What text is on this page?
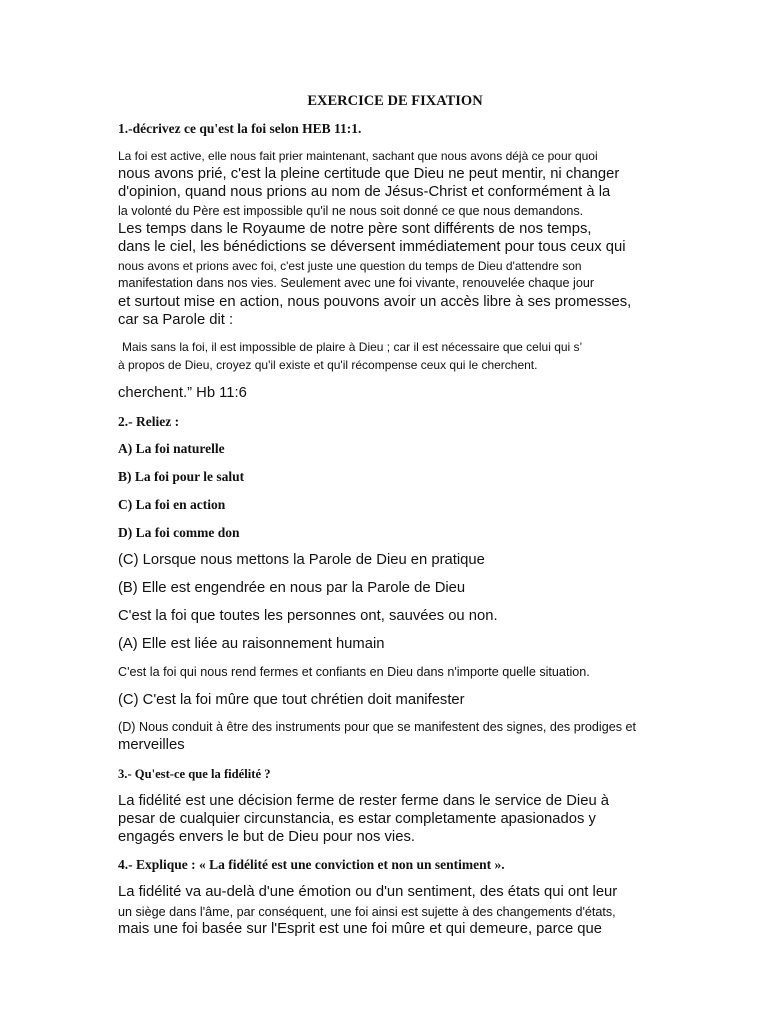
EXERCICE DE FIXATION

1.-décrivez ce qu'est la foi selon HEB 11:1.

La foi est active, elle nous fait prier maintenant, sachant que nous avons déjà ce pour quoi

nous avons prié, c'est la pleine certitude que Dieu ne peut mentir, ni changer

d'opinion, quand nous prions au nom de Jésus-Christ et conformément à la

la volonté du Père est impossible qu'il ne nous soit donné ce que nous demandons.

Les temps dans le Royaume de notre père sont différents de nos temps,

dans le ciel, les bénédictions se déversent immédiatement pour tous ceux qui

nous avons et prions avec foi, c'est juste une question du temps de Dieu d'attendre son

manifestation dans nos vies. Seulement avec une foi vivante, renouvelée chaque jour

et surtout mise en action, nous pouvons avoir un accès libre à ses promesses,

car sa Parole dit :

Mais sans la foi, il est impossible de plaire à Dieu ; car il est nécessaire que celui qui s’

à propos de Dieu, croyez qu'il existe et qu'il récompense ceux qui le cherchent.

cherchent.” Hb 11:6

2.- Reliez :

A) La foi naturelle

B) La foi pour le salut

C) La foi en action

D) La foi comme don

(C) Lorsque nous mettons la Parole de Dieu en pratique

(B) Elle est engendrée en nous par la Parole de Dieu

C'est la foi que toutes les personnes ont, sauvées ou non.

(A) Elle est liée au raisonnement humain

C'est la foi qui nous rend fermes et confiants en Dieu dans n'importe quelle situation.

(C) C'est la foi mûre que tout chrétien doit manifester

(D) Nous conduit à être des instruments pour que se manifestent des signes, des prodiges et

merveilles

3.- Qu'est-ce que la fidélité ?

La fidélité est une décision ferme de rester ferme dans le service de Dieu à

pesar de cualquier circunstancia, es estar completamente apasionados y

engagés envers le but de Dieu pour nos vies.

4.- Explique : « La fidélité est une conviction et non un sentiment ».

La fidélité va au-delà d'une émotion ou d'un sentiment, des états qui ont leur

un siège dans l'âme, par conséquent, une foi ainsi est sujette à des changements d'états,

mais une foi basée sur l'Esprit est une foi mûre et qui demeure, parce que
